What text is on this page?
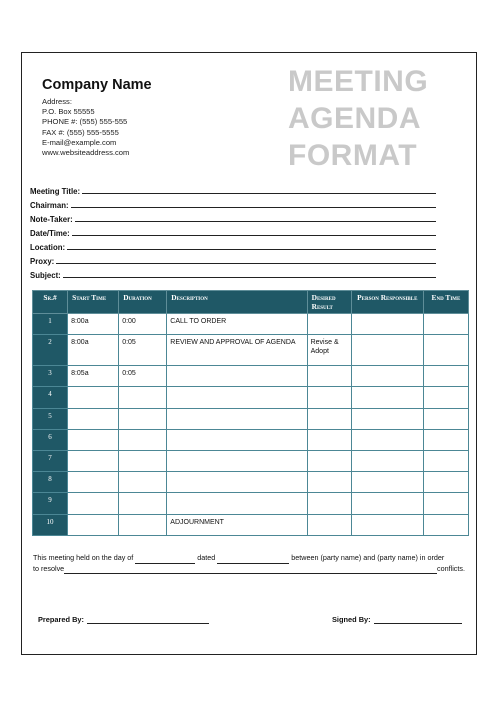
Company Name
Address:
P.O. Box 55555
PHONE #: (555) 555-555
FAX #: (555) 555-5555
E-mail@example.com
www.websiteaddress.com
MEETING
AGENDA
FORMAT
Meeting Title:
Chairman:
Note-Taker:
Date/Time:
Location:
Proxy:
Subject:
Sr.#	Start Time	Duration	Description	Desired Result	Person Responsible	End Time
1	8:00a	0:00	CALL TO ORDER			
2	8:00a	0:05	REVIEW AND APPROVAL OF AGENDA	Revise & Adopt		
3	8:05a	0:05				
4						
5						
6						
7						
8						
9						
10			ADJOURNMENT			
This meeting held on the day of	dated	between (party name) and (party name) in order
to resolve	conflicts.
Prepared By:	Signed By:
